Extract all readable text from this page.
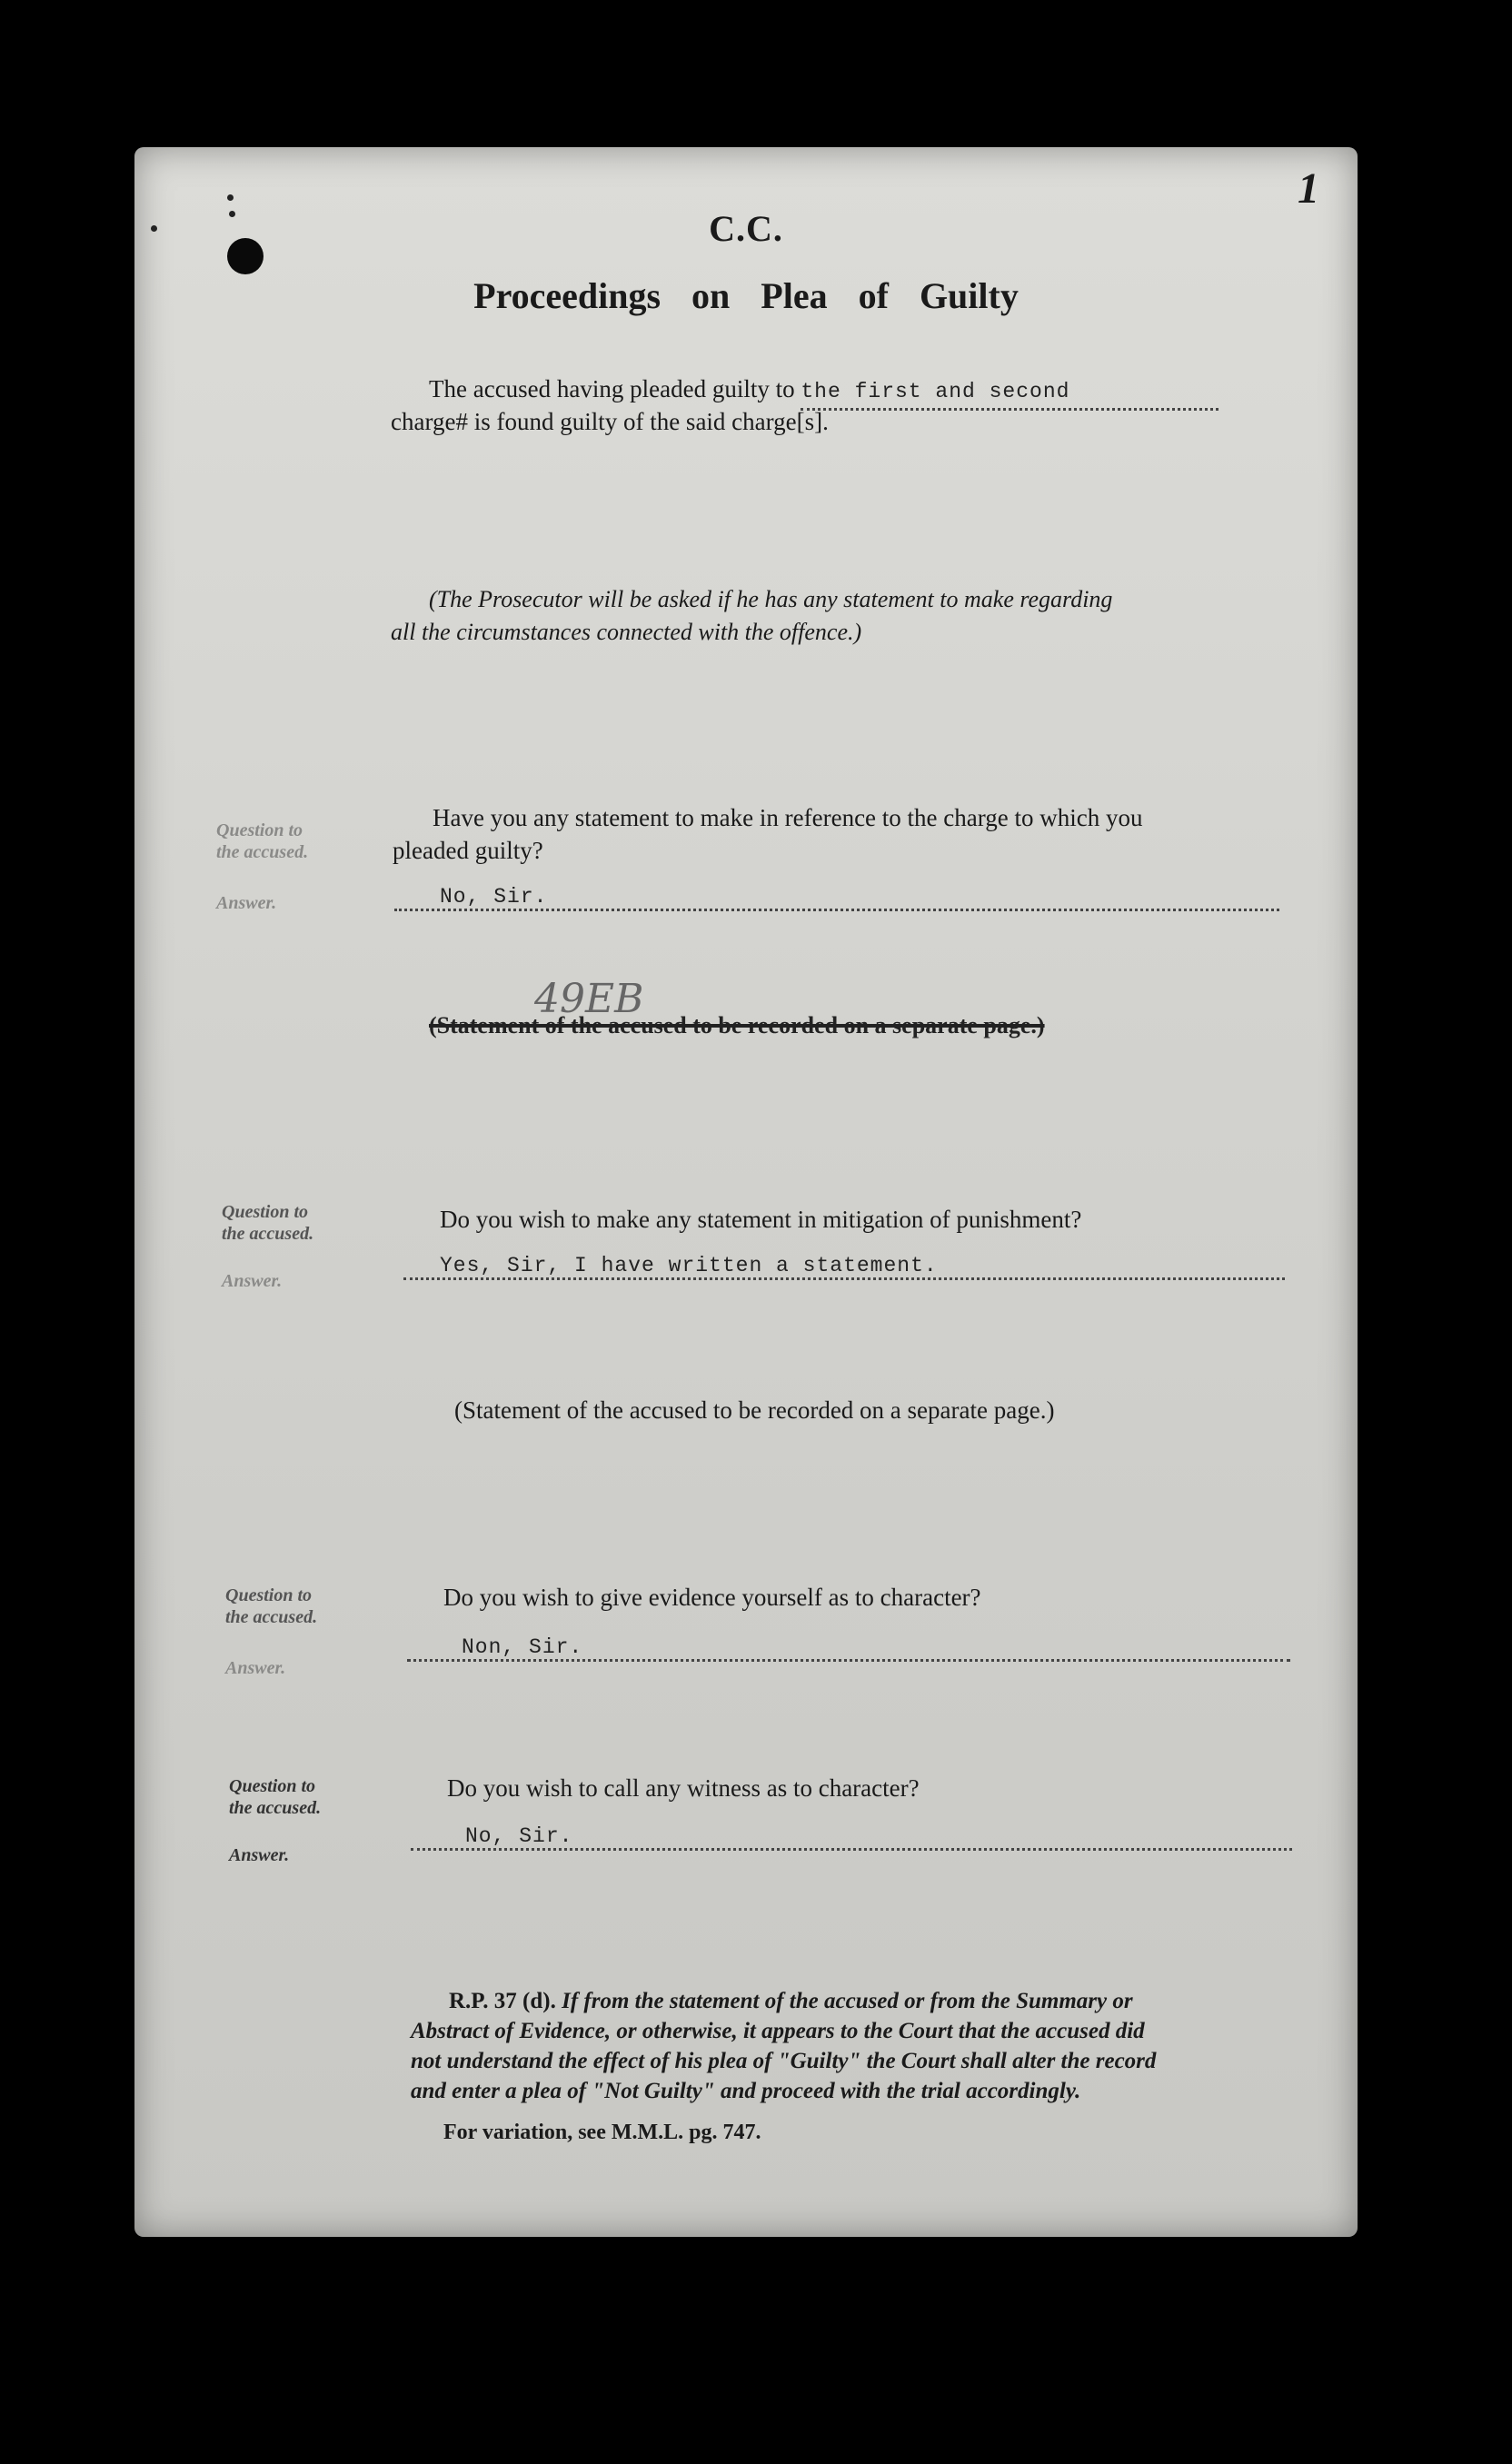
1
C.C.
Proceedings on Plea of Guilty
The accused having pleaded guilty to the first and second
charge# is found guilty of the said charge[s].
(The Prosecutor will be asked if he has any statement to make regarding
all the circumstances connected with the offence.)
Question to
the accused.
Answer.
Have you any statement to make in reference to the charge to which you
pleaded guilty?
No, Sir.
49EB
(Statement of the accused to be recorded on a separate page.)
Question to
the accused.
Answer.
Do you wish to make any statement in mitigation of punishment?
Yes, Sir, I have written a statement.
(Statement of the accused to be recorded on a separate page.)
Question to
the accused.
Answer.
Do you wish to give evidence yourself as to character?
Non, Sir.
Question to
the accused.
Answer.
Do you wish to call any witness as to character?
No, Sir.
R.P. 37 (d). If from the statement of the accused or from the Summary or
Abstract of Evidence, or otherwise, it appears to the Court that the accused did
not understand the effect of his plea of "Guilty" the Court shall alter the record
and enter a plea of "Not Guilty" and proceed with the trial accordingly.
For variation, see M.M.L. pg. 747.
